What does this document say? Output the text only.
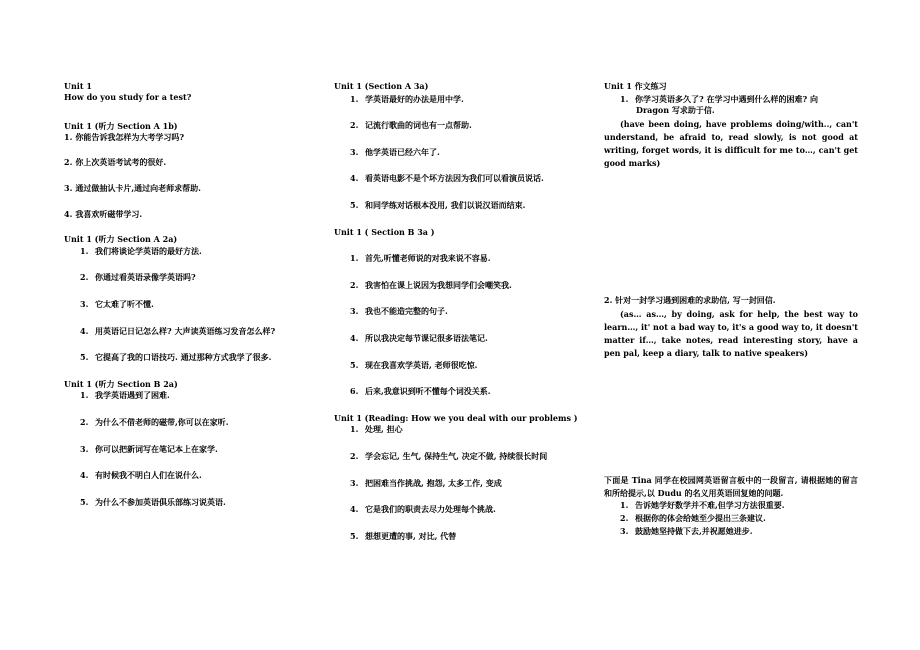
Unit 1
How do you study for a test?
Unit 1 (听力 Section A 1b)
1. 你能告诉我怎样为大考学习吗?
2. 你上次英语考试考的很好.
3. 通过做抽认卡片,通过向老师求帮助.
4. 我喜欢听磁带学习.
Unit 1 (听力 Section A 2a)
1. 我们将谈论学英语的最好方法.
2. 你通过看英语录像学英语吗?
3. 它太难了听不懂.
4. 用英语记日记怎么样? 大声读英语练习发音怎么样?
5. 它提高了我的口语技巧. 通过那种方式我学了很多.
Unit 1 (听力 Section B 2a)
1. 我学英语遇到了困难.
2. 为什么不借老师的磁带,你可以在家听.
3. 你可以把新词写在笔记本上在家学.
4. 有时候我不明白人们在说什么.
5. 为什么不参加英语俱乐部练习说英语.
Unit 1 (Section A 3a)
1. 学英语最好的办法是用中学.
2. 记流行歌曲的词也有一点帮助.
3. 他学英语已经六年了.
4. 看英语电影不是个坏方法因为我们可以看演员说话.
5. 和同学练对话根本没用, 我们以说汉语而结束.
Unit 1 ( Section B 3a )
1. 首先,听懂老师说的对我来说不容易.
2. 我害怕在课上说因为我想同学们会嘲笑我.
3. 我也不能造完整的句子.
4. 所以我决定每节课记很多语法笔记.
5. 现在我喜欢学英语, 老师很吃惊.
6. 后来,我意识到听不懂每个词没关系.
Unit 1 (Reading: How we you deal with our problems )
1. 处理, 担心
2. 学会忘记, 生气, 保持生气, 决定不做, 持续很长时间
3. 把困难当作挑战, 抱怨, 太多工作, 变成
4. 它是我们的职责去尽力处理每个挑战.
5. 想想更遭的事, 对比, 代替
Unit 1 作文练习
1. 你学习英语多久了? 在学习中遇到什么样的困难? 向
Dragon 写求助于信.
(have been doing, have problems doing/with.., can't understand, be afraid to, read slowly, is not good at writing, forget words, it is difficult for me to…, can't get good marks)
2. 针对一封学习遇到困难的求助信, 写一封回信.
(as… as…, by doing, ask for help, the best way to learn…, it' not a bad way to, it's a good way to, it doesn't matter if…, take notes, read interesting story, have a pen pal, keep a diary, talk to native speakers)
下面是 Tina 同学在校园网英语留言板中的一段留言, 请根据她的留言和所给提示,以 Dudu 的名义用英语回复她的问题.
1. 告诉她学好数学并不难,但学习方法很重要.
2. 根据你的体会给她至少提出三条建议.
3. 鼓励她坚持做下去,并祝愿她进步.
